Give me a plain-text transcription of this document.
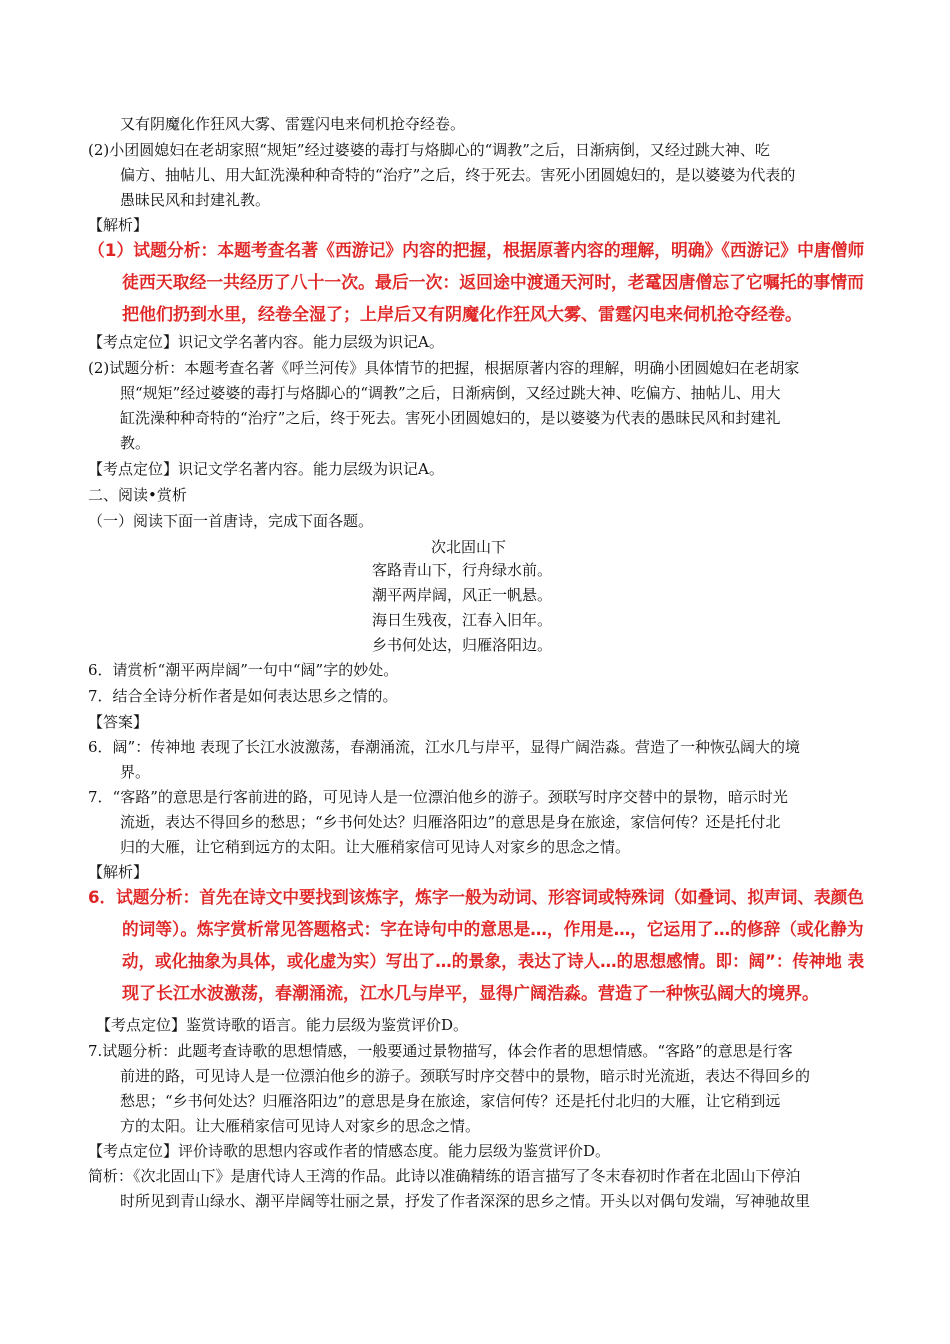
又有阴魔化作狂风大雾、雷霆闪电来伺机抢夺经卷。
(2)小团圆媳妇在老胡家照“规矩”经过婆婆的毒打与烙脚心的“调教”之后，日渐病倒，又经过跳大神、吃
偏方、抽帖儿、用大缸洗澡种种奇特的“治疗”之后，终于死去。害死小团圆媳妇的，是以婆婆为代表的
愚昧民风和封建礼教。
【解析】
（1）试题分析：本题考查名著《西游记》内容的把握，根据原著内容的理解，明确》《西游记》中唐僧师
徒西天取经一共经历了八十一次。最后一次：返回途中渡通天河时，老鼋因唐僧忘了它嘱托的事情而
把他们扔到水里，经卷全湿了；上岸后又有阴魔化作狂风大雾、雷霆闪电来伺机抢夺经卷。
【考点定位】识记文学名著内容。能力层级为识记A。
(2)试题分析：本题考查名著《呼兰河传》具体情节的把握，根据原著内容的理解，明确小团圆媳妇在老胡家
照“规矩”经过婆婆的毒打与烙脚心的“调教”之后，日渐病倒，又经过跳大神、吃偏方、抽帖儿、用大
缸洗澡种种奇特的“治疗”之后，终于死去。害死小团圆媳妇的，是以婆婆为代表的愚昧民风和封建礼
教。
【考点定位】识记文学名著内容。能力层级为识记A。
二、阅读•赏析
（一）阅读下面一首唐诗，完成下面各题。
次北固山下
客路青山下，行舟绿水前。
潮平两岸阔，风正一帆悬。
海日生残夜，江春入旧年。
乡书何处达，归雁洛阳边。
6．请赏析“潮平两岸阔”一句中“阔”字的妙处。
7．结合全诗分析作者是如何表达思乡之情的。
【答案】
6．阔”：传神地 表现了长江水波激荡，春潮涌流，江水几与岸平，显得广阔浩淼。营造了一种恢弘阔大的境
界。
7．“客路”的意思是行客前进的路，可见诗人是一位漂泊他乡的游子。颈联写时序交替中的景物，暗示时光
流逝，表达不得回乡的愁思；“乡书何处达？归雁洛阳边”的意思是身在旅途，家信何传？还是托付北
归的大雁，让它稍到远方的太阳。让大雁稍家信可见诗人对家乡的思念之情。
【解析】
6．试题分析：首先在诗文中要找到该炼字，炼字一般为动词、形容词或特殊词（如叠词、拟声词、表颜色
的词等）。炼字赏析常见答题格式：字在诗句中的意思是…，作用是…，它运用了…的修辞（或化静为
动，或化抽象为具体，或化虚为实）写出了…的景象，表达了诗人…的思想感情。即：阔”：传神地 表
现了长江水波激荡，春潮涌流，江水几与岸平，显得广阔浩淼。营造了一种恢弘阔大的境界。
【考点定位】鉴赏诗歌的语言。能力层级为鉴赏评价D。
7.试题分析：此题考查诗歌的思想情感，一般要通过景物描写，体会作者的思想情感。“客路”的意思是行客
前进的路，可见诗人是一位漂泊他乡的游子。颈联写时序交替中的景物，暗示时光流逝，表达不得回乡的
愁思；“乡书何处达？归雁洛阳边”的意思是身在旅途，家信何传？还是托付北归的大雁，让它稍到远
方的太阳。让大雁稍家信可见诗人对家乡的思念之情。
【考点定位】评价诗歌的思想内容或作者的情感态度。能力层级为鉴赏评价D。
简析：《次北固山下》是唐代诗人王湾的作品。此诗以准确精练的语言描写了冬末春初时作者在北固山下停泊
时所见到青山绿水、潮平岸阔等壮丽之景，抒发了作者深深的思乡之情。开头以对偶句发端，写神驰故里
